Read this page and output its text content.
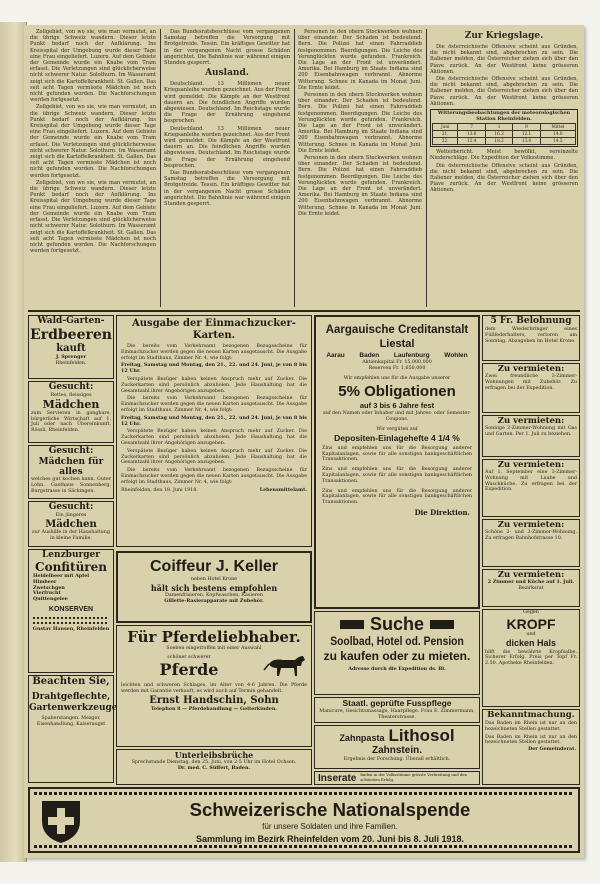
Zollgebiet, von wo sie, wie man vermutet, an die übrige Schweiz wandern. Dieser letzte Punkt bedarf noch der Aufklärung. Ins Kreisspital der Umgebung wurde dieser Tage eine Frau eingeliefert. Luzern. Auf dem Gebiete der Gemeinde wurde ein Knabe vom Tram erfasst. Die Verletzungen sind glücklicherweise nicht schwerer Natur. Solothurn. Im Wasseramt zeigt sich die Kartoffelkrankheit. St. Gallen. Das seit acht Tagen vermisste Mädchen ist noch nicht gefunden worden. Die Nachforschungen werden fortgesetzt.

Zollgebiet, von wo sie, wie man vermutet, an die übrige Schweiz wandern. Dieser letzte Punkt bedarf noch der Aufklärung. Ins Kreisspital der Umgebung wurde dieser Tage eine Frau eingeliefert. Luzern. Auf dem Gebiete der Gemeinde wurde ein Knabe vom Tram erfasst. Die Verletzungen sind glücklicherweise nicht schwerer Natur. Solothurn. Im Wasseramt zeigt sich die Kartoffelkrankheit. St. Gallen. Das seit acht Tagen vermisste Mädchen ist noch nicht gefunden worden. Die Nachforschungen werden fortgesetzt.

Zollgebiet, von wo sie, wie man vermutet, an die übrige Schweiz wandern. Dieser letzte Punkt bedarf noch der Aufklärung. Ins Kreisspital der Umgebung wurde dieser Tage eine Frau eingeliefert. Luzern. Auf dem Gebiete der Gemeinde wurde ein Knabe vom Tram erfasst. Die Verletzungen sind glücklicherweise nicht schwerer Natur. Solothurn. Im Wasseramt zeigt sich die Kartoffelkrankheit. St. Gallen. Das seit acht Tagen vermisste Mädchen ist noch nicht gefunden worden. Die Nachforschungen werden fortgesetzt.

Das Bundesratsbeschlüsse vom vergangenen Samstag betreffen die Versorgung mit Brotgetreide. Tessin. Ein kräftiges Gewitter hat in der vergangenen Nacht grosse Schäden angerichtet. Die Bahnlinie war während einigen Stunden gesperrt.

Ausland.

Deutschland. 13 Millionen neuer Kriegsanleihe wurden gezeichnet. Aus der Front wird gemeldet: Die Kämpfe an der Westfront dauern an. Die feindlichen Angriffe wurden abgewiesen. Deutschland. Im Reichstage wurde die Frage der Ernährung eingehend besprochen.

Deutschland. 13 Millionen neuer Kriegsanleihe wurden gezeichnet. Aus der Front wird gemeldet: Die Kämpfe an der Westfront dauern an. Die feindlichen Angriffe wurden abgewiesen. Deutschland. Im Reichstage wurde die Frage der Ernährung eingehend besprochen.

Das Bundesratsbeschlüsse vom vergangenen Samstag betreffen die Versorgung mit Brotgetreide. Tessin. Ein kräftiges Gewitter hat in der vergangenen Nacht grosse Schäden angerichtet. Die Bahnlinie war während einigen Stunden gesperrt.

Personen in den obern Stockwerken wohnen über einander. Der Schaden ist bedeutend. Bern. Die Polizei hat einen Fahrraddieb festgenommen. Beerdigungen. Die Leiche des Verunglückten wurde gefunden. Frankreich. Die Lage an der Front ist unverändert. Amerika. Bei Hamburg im Staate Indiana sind 200 Eisenbahnwagen verbrannt. Abnorme Witterung. Schnee in Kanada im Monat Juni. Die Ernte leidet.

Personen in den obern Stockwerken wohnen über einander. Der Schaden ist bedeutend. Bern. Die Polizei hat einen Fahrraddieb festgenommen. Beerdigungen. Die Leiche des Verunglückten wurde gefunden. Frankreich. Die Lage an der Front ist unverändert. Amerika. Bei Hamburg im Staate Indiana sind 200 Eisenbahnwagen verbrannt. Abnorme Witterung. Schnee in Kanada im Monat Juni. Die Ernte leidet.

Personen in den obern Stockwerken wohnen über einander. Der Schaden ist bedeutend. Bern. Die Polizei hat einen Fahrraddieb festgenommen. Beerdigungen. Die Leiche des Verunglückten wurde gefunden. Frankreich. Die Lage an der Front ist unverändert. Amerika. Bei Hamburg im Staate Indiana sind 200 Eisenbahnwagen verbrannt. Abnorme Witterung. Schnee in Kanada im Monat Juni. Die Ernte leidet.

Zur Kriegslage.

Die österreichische Offensive scheint aus Gründen, die nicht bekannt sind, abgebrochen zu sein. Die Italiener melden, die Österreicher ziehen sich über den Piave zurück. An der Westfront keine grösseren Aktionen.

Die österreichische Offensive scheint aus Gründen, die nicht bekannt sind, abgebrochen zu sein. Die Italiener melden, die Österreicher ziehen sich über den Piave zurück. An der Westfront keine grösseren Aktionen.

Witterungsbeobachtungen der meteorologischen Station Rheinfelden.
Juni	7	1	9	Mittel
21.	13.6	16.3	12.1	14.0
22.	12.4	18.2	13.0	14.5

Wetterbericht. Meist bewölkt, vereinzelte Niederschläge. Die Expedition der Volksstimme.

Die österreichische Offensive scheint aus Gründen, die nicht bekannt sind, abgebrochen zu sein. Die Italiener melden, die Österreicher ziehen sich über den Piave zurück. An der Westfront keine grösseren Aktionen.

Wald-Garten-
Erdbeeren
kauft
J. Sprenger
Rheinfelden.
Gesucht:
Rettes, fleissiges
Mädchen
zum Servieren in gangbare, bürgerliche Wirtschaft auf 1. Juli oder nach Übereinkunft. Rössli, Rheinfelden.
Gesucht:
Mädchen für alles
welches gut kochen kann. Guter Lohn. Gasthaus Sonnenberg, Burgstrasse in Säckingen.
Gesucht:
Ein jüngeres
Mädchen
zur Aushilfe in der Haushaltung in kleine Familie.
Lenzburger
Confitüren
Heidelbeer mit Apfel
Himbeer
Zwetschgen
Vierfrucht
Quittengelee
KONSERVEN
Gustav Hansen, Rheinfelden
Beachten Sie,
Drahtgeflechte,
Gartenwerkzeuge
Spalierstangen. Mezger, Eisenhandlung, Kaiseraugst
Ausgabe der Einmachzucker-Karten.

Die bereits vom Verkehrsamt bezogenen Bezugsscheine für Einmachzucker werden gegen die neuen Karten ausgetauscht. Die Ausgabe erfolgt im Stadthaus, Zimmer Nr. 4, wie folgt:

Freitag, Samstag und Montag, den 21., 22. und 24. Juni, je von 8 bis 12 Uhr.

Verspätete Bezüger haben keinen Anspruch mehr auf Zucker. Die Zuckerkarten sind persönlich abzuholen. Jede Haushaltung hat die Gesamtzahl ihrer Angehörigen anzugeben.

Die bereits vom Verkehrsamt bezogenen Bezugsscheine für Einmachzucker werden gegen die neuen Karten ausgetauscht. Die Ausgabe erfolgt im Stadthaus, Zimmer Nr. 4, wie folgt:

Freitag, Samstag und Montag, den 21., 22. und 24. Juni, je von 8 bis 12 Uhr.

Verspätete Bezüger haben keinen Anspruch mehr auf Zucker. Die Zuckerkarten sind persönlich abzuholen. Jede Haushaltung hat die Gesamtzahl ihrer Angehörigen anzugeben.

Verspätete Bezüger haben keinen Anspruch mehr auf Zucker. Die Zuckerkarten sind persönlich abzuholen. Jede Haushaltung hat die Gesamtzahl ihrer Angehörigen anzugeben.

Die bereits vom Verkehrsamt bezogenen Bezugsscheine für Einmachzucker werden gegen die neuen Karten ausgetauscht. Die Ausgabe erfolgt im Stadthaus, Zimmer Nr. 4, wie folgt:

Rheinfelden, den 18. Juni 1918.	Lebensmittelamt.
Coiffeur J. Keller
neben Hotel Krone
hält sich bestens empfohlen
Damenfrisieren, Kopfwaschen, Rasieren
Gillette-Rasierapparate mit Zubehör.
Für Pferdeliebhaber.
Soeben eingetroffen mit einer Auswahl
schöner schwerer
Pferde
leichten und schweren Schlages, im Alter von 4-6 Jahren. Die Pferde werden mit Garantie verkauft, es wird auch auf Termin gehandelt.
Ernst Handschin, Sohn
Telephon 8 — Pferdehandlung — Gelterkinden.
Unterleibsbrüche
Sprechstunde Dienstag, den 25. Juni, von 2-5 Uhr im Hotel Ochsen.
Dr. med. C. Süffert, Baden.
Aargauische Creditanstalt
Liestal
Aarau Baden Laufenburg Wohlen
Aktienkapital Fr. 15,000,000
Reserven Fr. 1,650,000
Wir empfehlen uns für die Ausgabe unserer
5% Obligationen
auf 3 bis 6 Jahre fest
auf den Namen oder Inhaber und mit Jahres- oder Semester-Coupons.
Wir vergüten auf
Depositen-Einlagehefte 4 1/4 %
Zins und empfehlen uns für die Besorgung anderer Kapitalanlagen, sowie für alle sonstigen bankgeschäftlichen Transaktionen.
Zins und empfehlen uns für die Besorgung anderer Kapitalanlagen, sowie für alle sonstigen bankgeschäftlichen Transaktionen.
Zins und empfehlen uns für die Besorgung anderer Kapitalanlagen, sowie für alle sonstigen bankgeschäftlichen Transaktionen.
Die Direktion.
Suche
Soolbad, Hotel od. Pension
zu kaufen oder zu mieten.
Adresse durch die Expedition ds. Bl.
Staatl. geprüfte Fusspflege
Manicure, Gesichtsmassage, Haarpflege. Frau E. Zimmermann, Theaterstrasse.
Zahnpasta Lithosol
Zahnstein.
Ergebnis der Forschung. Überall erhältlich.
Inserate finden in der Volksstimme grösste Verbreitung und den schönsten Erfolg.
5 Fr. Belohnung
dem Wiederbringer eines Füllfederhalters, verloren am Sonntag. Abzugeben im Hotel Krone.
Zu vermieten:
Zwei freundliche 3-Zimmer-Wohnungen mit Zubehör. Zu erfragen bei der Expedition.
Zu vermieten:
Sonnige 2-Zimmer-Wohnung mit Gas und Garten. Per 1. Juli zu beziehen.
Zu vermieten:
Auf 1. September eine 3-Zimmer-Wohnung mit Laube und Waschküche. Zu erfragen bei der Expedition.
Zu vermieten:
Schöne 2- und 3-Zimmer-Wohnung. Zu erfragen Bahnhofstrasse 10.
Zu vermieten:
2 Zimmer und Küche auf 1. Juli.
Bezirksrat
Gegen
KROPF
und
dicken Hals
hilft die bewährte Kropfsalbe. Sicherer Erfolg. Preis per Topf Fr. 2.50. Apotheke Rheinfelden.
Bekanntmachung.
Das Baden im Rhein ist nur an den bezeichneten Stellen gestattet.
Das Baden im Rhein ist nur an den bezeichneten Stellen gestattet.
Der Gemeinderat.
Schweizerische Nationalspende
für unsere Soldaten und ihre Familien.
Sammlung im Bezirk Rheinfelden vom 20. Juni bis 8. Juli 1918.
